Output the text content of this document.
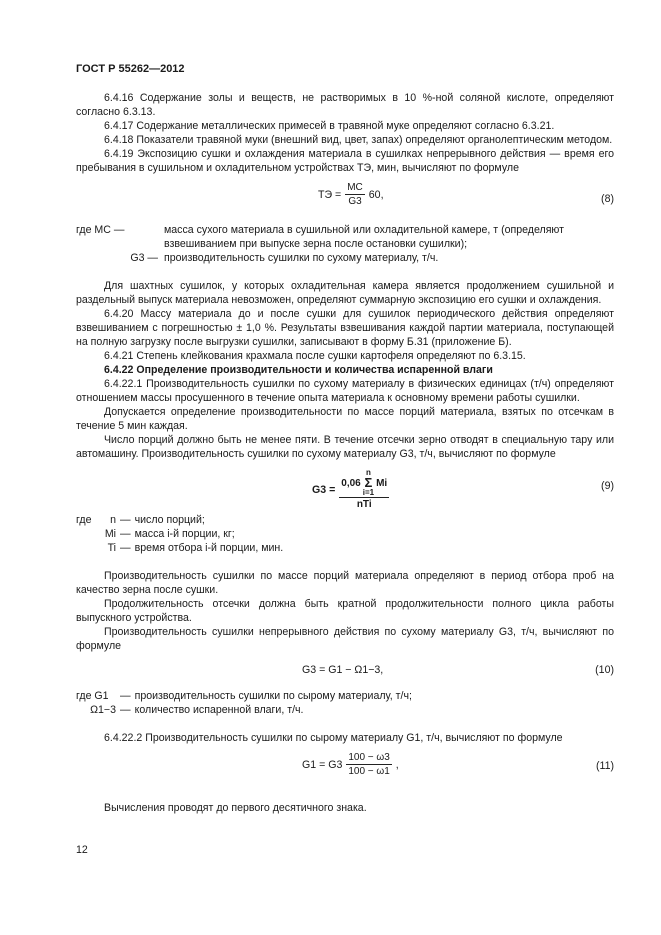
ГОСТ Р 55262—2012

6.4.16 Содержание золы и веществ, не растворимых в 10 %-ной соляной кислоте, определяют согласно 6.3.13.

6.4.17 Содержание металлических примесей в травяной муке определяют согласно 6.3.21.

6.4.18 Показатели травяной муки (внешний вид, цвет, запах) определяют органолептическим методом.

6.4.19 Экспозицию сушки и охлаждения материала в сушилках непрерывного действия — время его пребывания в сушильном и охладительном устройствах ТЭ, мин, вычисляют по формуле

TЭ = $\frac{MС}{G3} 60$,	(8)
где MС —	масса сухого материала в сушильной или охладительной камере, т (определяют взвешиванием при выпуске зерна после остановки сушилки);
G3 — производительность сушилки по сухому материалу, т/ч.

Для шахтных сушилок, у которых охладительная камера является продолжением сушильной и раздельный выпуск материала невозможен, определяют суммарную экспозицию его сушки и охлаждения.

6.4.20 Массу материала до и после сушки для сушилок периодического действия определяют взвешиванием с погрешностью ± 1,0 %. Результаты взвешивания каждой партии материала, поступающей на полную загрузку после выгрузки сушилки, записывают в форму Б.31 (приложение Б).

6.4.21 Степень клейкования крахмала после сушки картофеля определяют по 6.3.15.

6.4.22 Определение производительности и количества испаренной влаги

6.4.22.1 Производительность сушилки по сухому материалу в физических единицах (т/ч) определяют отношением массы просушенного в течение опыта материала к основному времени работы сушилки.

Допускается определение производительности по массе порций материала, взятых по отсечкам в течение 5 мин каждая.

Число порций должно быть не менее пяти. В течение отсечки зерно отводят в специальную тару или автомашину. Производительность сушилки по сухому материалу G3, т/ч, вычисляют по формуле

G3 = 0,06
n
Σ
i=1
Mi
nTi	(9)
где	n — число порций;
Mi — масса i-й порции, кг;
Ti — время отбора i-й порции, мин.

Производительность сушилки по массе порций материала определяют в период отбора проб на качество зерна после сушки.

Продолжительность отсечки должна быть кратной продолжительности полного цикла работы выпускного устройства.

Производительность сушилки непрерывного действия по сухому материалу G3, т/ч, вычисляют по формуле

G3 = G1 − Ω1−3,	(10)
где G1	— производительность сушилки по сырому материалу, т/ч;
Ω1−3 — количество испаренной влаги, т/ч.

6.4.22.2 Производительность сушилки по сырому материалу G1, т/ч, вычисляют по формуле

$G1 = G3 \frac{100 - \omega 3}{100 - \omega 1}$ ,	(11)

Вычисления проводят до первого десятичного знака.

12
